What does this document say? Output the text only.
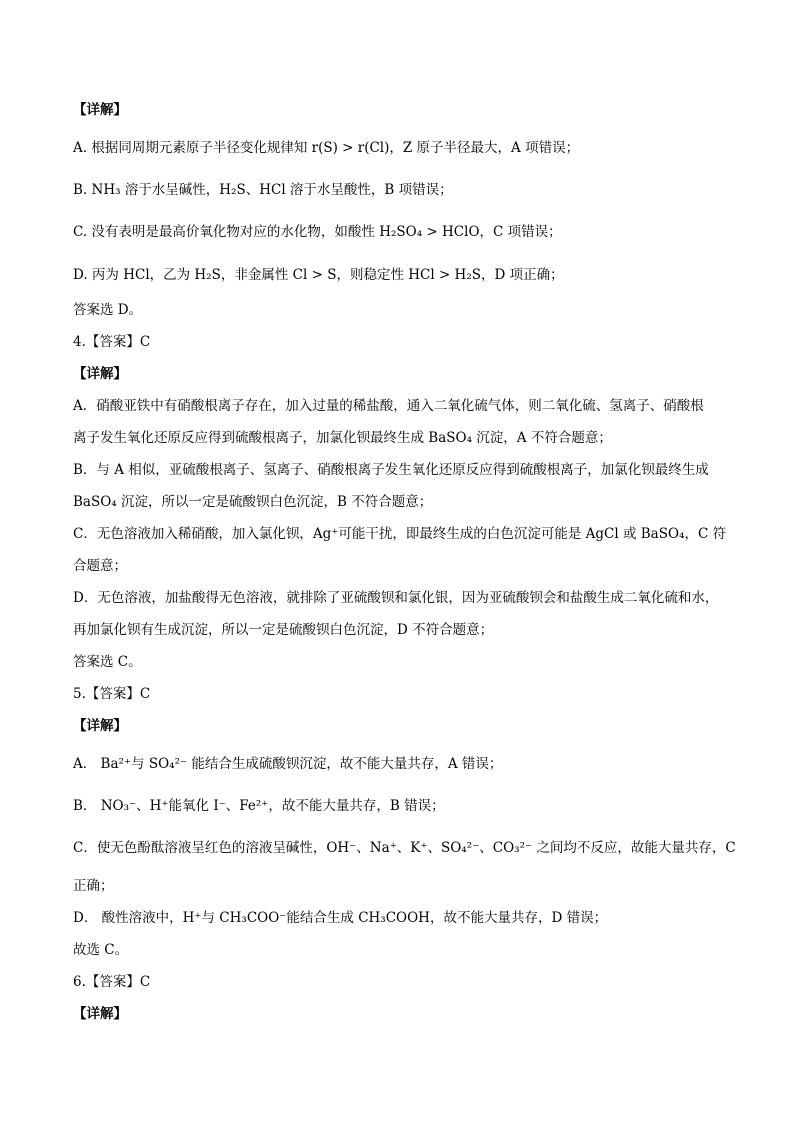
【详解】
A. 根据同周期元素原子半径变化规律知 r(S) > r(Cl)，Z 原子半径最大，A 项错误；
B. NH₃ 溶于水呈碱性，H₂S、HCl 溶于水呈酸性，B 项错误；
C. 没有表明是最高价氧化物对应的水化物，如酸性 H₂SO₄ > HClO，C 项错误；
D. 丙为 HCl，乙为 H₂S，非金属性 Cl > S，则稳定性 HCl > H₂S，D 项正确；
答案选 D。
4.【答案】C
【详解】
A．硝酸亚铁中有硝酸根离子存在，加入过量的稀盐酸，通入二氧化硫气体，则二氧化硫、氢离子、硝酸根
离子发生氧化还原反应得到硫酸根离子，加氯化钡最终生成 BaSO₄ 沉淀，A 不符合题意；
B．与 A 相似，亚硫酸根离子、氢离子、硝酸根离子发生氧化还原反应得到硫酸根离子，加氯化钡最终生成
BaSO₄ 沉淀，所以一定是硫酸钡白色沉淀，B 不符合题意；
C．无色溶液加入稀硝酸，加入氯化钡，Ag⁺可能干扰，即最终生成的白色沉淀可能是 AgCl 或 BaSO₄，C 符
合题意；
D．无色溶液，加盐酸得无色溶液，就排除了亚硫酸钡和氯化银，因为亚硫酸钡会和盐酸生成二氧化硫和水，
再加氯化钡有生成沉淀，所以一定是硫酸钡白色沉淀，D 不符合题意；
答案选 C。
5.【答案】C
【详解】
A． Ba²⁺与 SO₄²⁻ 能结合生成硫酸钡沉淀，故不能大量共存，A 错误；
B． NO₃⁻、H⁺能氧化 I⁻、Fe²⁺，故不能大量共存，B 错误；
C．使无色酚酞溶液呈红色的溶液呈碱性，OH⁻、Na⁺、K⁺、SO₄²⁻、CO₃²⁻ 之间均不反应，故能大量共存，C
正确；
D． 酸性溶液中，H⁺与 CH₃COO⁻能结合生成 CH₃COOH，故不能大量共存，D 错误；
故选 C。
6.【答案】C
【详解】
